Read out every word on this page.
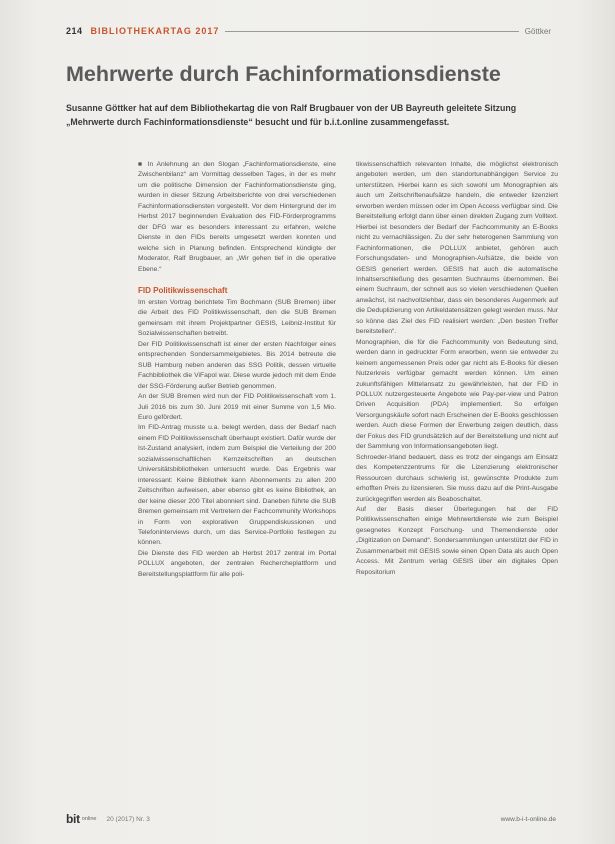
214 BIBLIOTHEKARTAG 2017	Göttker
Mehrwerte durch Fachinformationsdienste

Susanne Göttker hat auf dem Bibliothekartag die von Ralf Brugbauer von der UB Bayreuth geleitete Sitzung „Mehrwerte durch Fachinformationsdienste“ besucht und für b.i.t.online zusammengefasst.

■ In Anlehnung an den Slogan „Fachinformationsdienste, eine Zwischenbilanz“ am Vormittag desselben Tages, in der es mehr um die politische Dimension der Fachinformationsdienste ging, wurden in dieser Sitzung Arbeitsberichte von drei verschiedenen Fachinformationsdiensten vorgestellt. Vor dem Hintergrund der im Herbst 2017 beginnenden Evaluation des FID-Förderprogramms der DFG war es besonders interessant zu erfahren, welche Dienste in den FIDs bereits umgesetzt werden konnten und welche sich in Planung befinden. Entsprechend kündigte der Moderator, Ralf Brugbauer, an „Wir gehen tief in die operative Ebene.“

FID Politikwissenschaft

Im ersten Vortrag berichtete Tim Bochmann (SUB Bremen) über die Arbeit des FID Politikwissenschaft, den die SUB Bremen gemeinsam mit ihrem Projektpartner GESIS, Leibniz-Institut für Sozialwissenschaften betreibt.

Der FID Politikwissenschaft ist einer der ersten Nachfolger eines entsprechenden Sondersammelgebietes. Bis 2014 betreute die SUB Hamburg neben anderen das SSG Politik, dessen virtuelle Fachbibliothek die ViFapol war. Diese wurde jedoch mit dem Ende der SSG-Förderung außer Betrieb genommen.

An der SUB Bremen wird nun der FID Politikwissenschaft vom 1. Juli 2016 bis zum 30. Juni 2019 mit einer Summe von 1,5 Mio. Euro gefördert.

Im FID-Antrag musste u.a. belegt werden, dass der Bedarf nach einem FID Politikwissenschaft überhaupt existiert. Dafür wurde der Ist-Zustand analysiert, indem zum Beispiel die Verteilung der 200 sozialwissenschaftlichen Kernzeitschriften an deutschen Universitätsbibliotheken untersucht wurde. Das Ergebnis war interessant: Keine Bibliothek kann Abonnements zu allen 200 Zeitschriften aufweisen, aber ebenso gibt es keine Bibliothek, an der keine dieser 200 Titel abonniert sind. Daneben führte die SUB Bremen gemeinsam mit Vertretern der Fachcommunity Workshops in Form von explorativen Gruppendiskussionen und Telefoninterviews durch, um das Service-Portfolio festlegen zu können.

Die Dienste des FID werden ab Herbst 2017 zentral im Portal POLLUX angeboten, der zentralen Rechercheplattform und Bereitstellungsplattform für alle poli-

tikwissenschaftlich relevanten Inhalte, die möglichst elektronisch angeboten werden, um den standortunabhängigen Service zu unterstützen. Hierbei kann es sich sowohl um Monographien als auch um Zeitschriftenaufsätze handeln, die entweder lizenziert erworben werden müssen oder im Open Access verfügbar sind. Die Bereitstellung erfolgt dann über einen direkten Zugang zum Volltext. Hierbei ist besonders der Bedarf der Fachcommunity an E-Books nicht zu vernachlässigen. Zu der sehr heterogenen Sammlung von Fachinformationen, die POLLUX anbietet, gehören auch Forschungsdaten- und Monographien-Aufsätze, die beide von GESIS generiert werden. GESIS hat auch die automatische Inhaltserschließung des gesamten Suchraums übernommen. Bei einem Suchraum, der schnell aus so vielen verschiedenen Quellen anwächst, ist nachvollziehbar, dass ein besonderes Augenmerk auf die Deduplizierung von Artikeldatensätzen gelegt werden muss. Nur so könne das Ziel des FID realisiert werden: „Den besten Treffer bereitstellen“.

Monographien, die für die Fachcommunity von Bedeutung sind, werden dann in gedruckter Form erworben, wenn sie entweder zu keinem angemessenen Preis oder gar nicht als E-Books für diesen Nutzerkreis verfügbar gemacht werden können. Um einen zukunftsfähigen Mittelansatz zu gewährleisten, hat der FID in POLLUX nutzergesteuerte Angebote wie Pay-per-view und Patron Driven Acquisition (PDA) implementiert. So erfolgen Versorgungskäufe sofort nach Erscheinen der E-Books geschlossen werden. Auch diese Formen der Erwerbung zeigen deutlich, dass der Fokus des FID grundsätzlich auf der Bereitstellung und nicht auf der Sammlung von Informationsangeboten liegt.

Schroeder-Irland bedauert, dass es trotz der eingangs am Einsatz des Kompetenzzentrums für die Lizenzierung elektronischer Ressourcen durchaus schwierig ist, gewünschte Produkte zum erhofften Preis zu lizensieren. Sie muss dazu auf die Print-Ausgabe zurückgegriffen werden als Beaboschaltet.

Auf der Basis dieser Überlegungen hat der FID Politikwissenschaften einige Mehrwertdienste wie zum Beispiel gesegnetes Konzept Forschung- und Themendienste oder „Digitization on Demand“. Sondersammlungen unterstützt der FID in Zusammenarbeit mit GESIS sowie einen Open Data als auch Open Access. Mit Zentrum verlag GESIS über ein digitales Open Repositorium

bit online 20 (2017) Nr. 3	www.b-i-t-online.de
